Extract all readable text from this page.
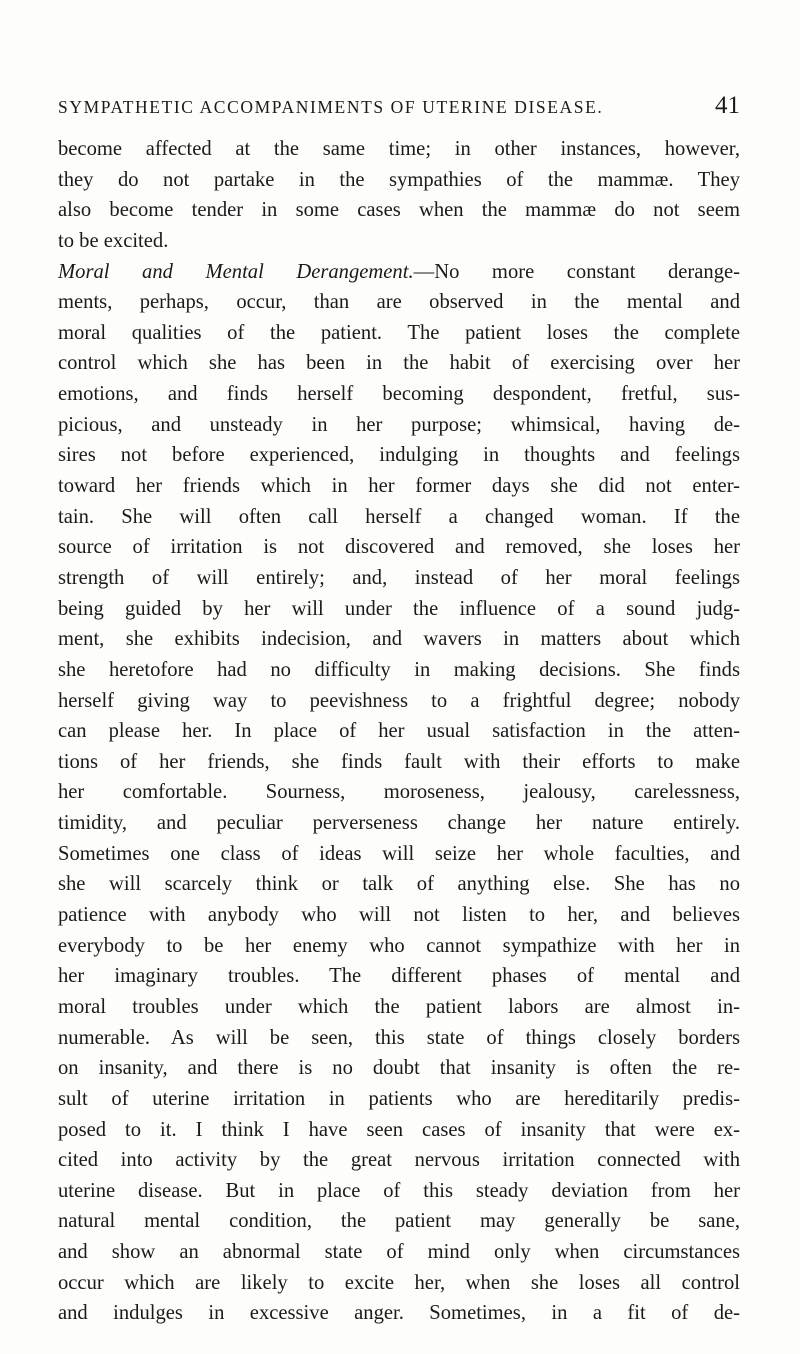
SYMPATHETIC ACCOMPANIMENTS OF UTERINE DISEASE.	41
become affected at the same time; in other instances, however,
they do not partake in the sympathies of the mammæ. They
also become tender in some cases when the mammæ do not seem
to be excited.
Moral and Mental Derangement.—No more constant derange-
ments, perhaps, occur, than are observed in the mental and
moral qualities of the patient. The patient loses the complete
control which she has been in the habit of exercising over her
emotions, and finds herself becoming despondent, fretful, sus-
picious, and unsteady in her purpose; whimsical, having de-
sires not before experienced, indulging in thoughts and feelings
toward her friends which in her former days she did not enter-
tain. She will often call herself a changed woman. If the
source of irritation is not discovered and removed, she loses her
strength of will entirely; and, instead of her moral feelings
being guided by her will under the influence of a sound judg-
ment, she exhibits indecision, and wavers in matters about which
she heretofore had no difficulty in making decisions. She finds
herself giving way to peevishness to a frightful degree; nobody
can please her. In place of her usual satisfaction in the atten-
tions of her friends, she finds fault with their efforts to make
her comfortable. Sourness, moroseness, jealousy, carelessness,
timidity, and peculiar perverseness change her nature entirely.
Sometimes one class of ideas will seize her whole faculties, and
she will scarcely think or talk of anything else. She has no
patience with anybody who will not listen to her, and believes
everybody to be her enemy who cannot sympathize with her in
her imaginary troubles. The different phases of mental and
moral troubles under which the patient labors are almost in-
numerable. As will be seen, this state of things closely borders
on insanity, and there is no doubt that insanity is often the re-
sult of uterine irritation in patients who are hereditarily predis-
posed to it. I think I have seen cases of insanity that were ex-
cited into activity by the great nervous irritation connected with
uterine disease. But in place of this steady deviation from her
natural mental condition, the patient may generally be sane,
and show an abnormal state of mind only when circumstances
occur which are likely to excite her, when she loses all control
and indulges in excessive anger. Sometimes, in a fit of de-
